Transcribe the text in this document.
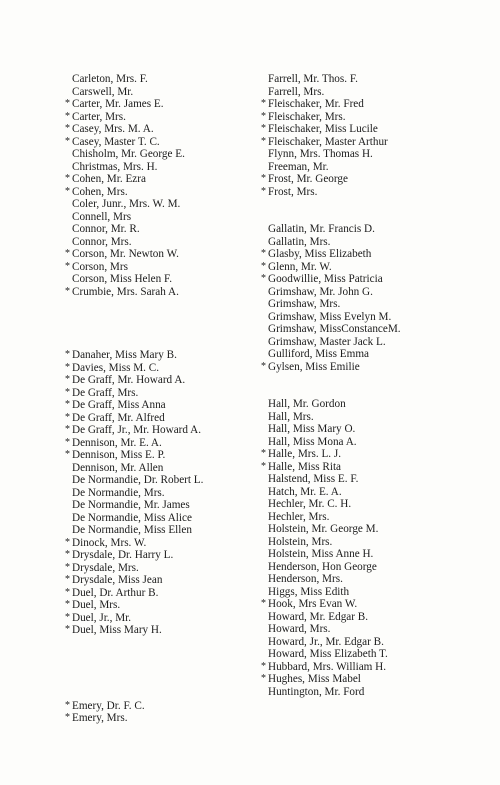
Carleton, Mrs. F.
Carswell, Mr.
* Carter, Mr. James E.
* Carter, Mrs.
* Casey, Mrs. M. A.
* Casey, Master T. C.
Chisholm, Mr. George E.
Christmas, Mrs. H.
* Cohen, Mr. Ezra
* Cohen, Mrs.
Coler, Junr., Mrs. W. M.
Connell, Mrs
Connor, Mr. R.
Connor, Mrs.
* Corson, Mr. Newton W.
* Corson, Mrs
Corson, Miss Helen F.
* Crumbie, Mrs. Sarah A.
* Danaher, Miss Mary B.
* Davies, Miss M. C.
* De Graff, Mr. Howard A.
* De Graff, Mrs.
* De Graff, Miss Anna
* De Graff, Mr. Alfred
* De Graff, Jr., Mr. Howard A.
* Dennison, Mr. E. A.
* Dennison, Miss E. P.
Dennison, Mr. Allen
De Normandie, Dr. Robert L.
De Normandie, Mrs.
De Normandie, Mr. James
De Normandie, Miss Alice
De Normandie, Miss Ellen
* Dinock, Mrs. W.
* Drysdale, Dr. Harry L.
* Drysdale, Mrs.
* Drysdale, Miss Jean
* Duel, Dr. Arthur B.
* Duel, Mrs.
* Duel, Jr., Mr.
* Duel, Miss Mary H.
* Emery, Dr. F. C.
* Emery, Mrs.
Farrell, Mr. Thos. F.
Farrell, Mrs.
* Fleischaker, Mr. Fred
* Fleischaker, Mrs.
* Fleischaker, Miss Lucile
* Fleischaker, Master Arthur
Flynn, Mrs. Thomas H.
Freeman, Mr.
* Frost, Mr. George
* Frost, Mrs.
Gallatin, Mr. Francis D.
Gallatin, Mrs.
* Glasby, Miss Elizabeth
* Glenn, Mr. W.
* Goodwillie, Miss Patricia
Grimshaw, Mr. John G.
Grimshaw, Mrs.
Grimshaw, Miss Evelyn M.
Grimshaw, MissConstanceM.
Grimshaw, Master Jack L.
Gulliford, Miss Emma
* Gylsen, Miss Emilie
Hall, Mr. Gordon
Hall, Mrs.
Hall, Miss Mary O.
Hall, Miss Mona A.
* Halle, Mrs. L. J.
* Halle, Miss Rita
Halstend, Miss E. F.
Hatch, Mr. E. A.
Hechler, Mr. C. H.
Hechler, Mrs.
Holstein, Mr. George M.
Holstein, Mrs.
Holstein, Miss Anne H.
Henderson, Hon George
Henderson, Mrs.
Higgs, Miss Edith
* Hook, Mrs Evan W.
Howard, Mr. Edgar B.
Howard, Mrs.
Howard, Jr., Mr. Edgar B.
Howard, Miss Elizabeth T.
* Hubbard, Mrs. William H.
* Hughes, Miss Mabel
Huntington, Mr. Ford
